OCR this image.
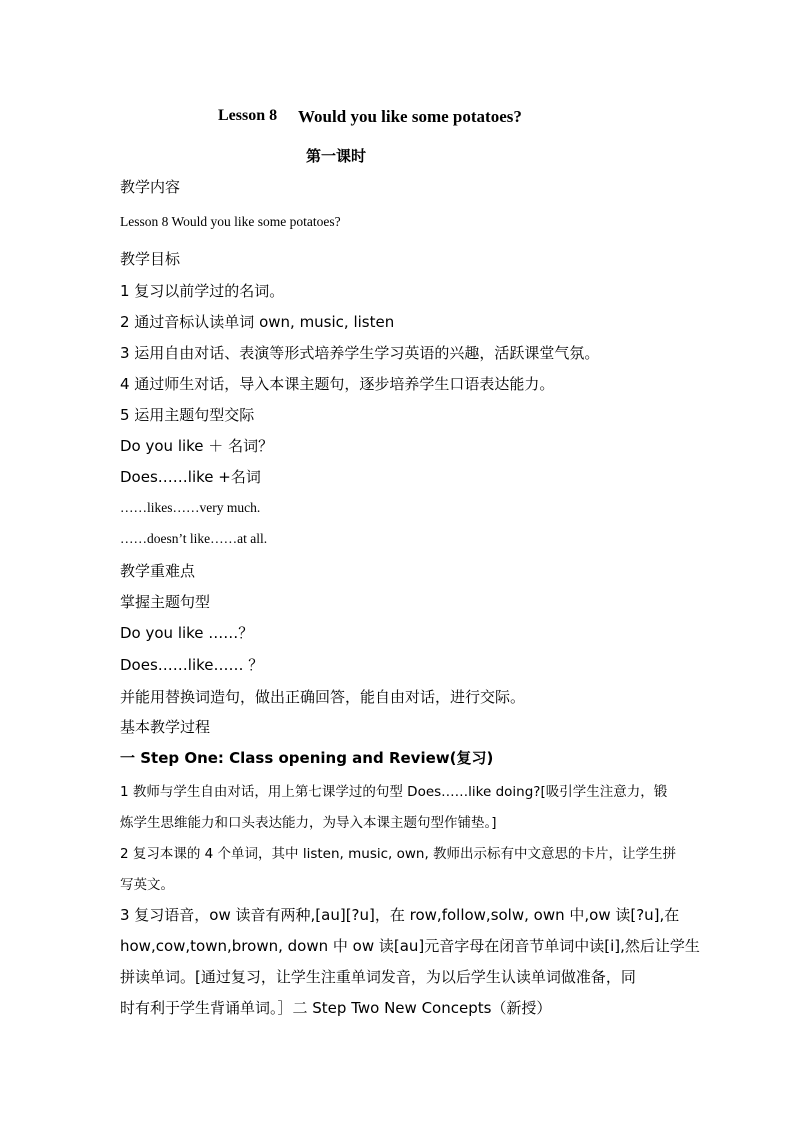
Lesson 8 Would you like some potatoes?
第一课时
教学内容
Lesson 8 Would you like some potatoes?
教学目标
1 复习以前学过的名词。
2 通过音标认读单词 own, music, listen
3 运用自由对话、表演等形式培养学生学习英语的兴趣，活跃课堂气氛。
4 通过师生对话，导入本课主题句，逐步培养学生口语表达能力。
5 运用主题句型交际
Do you like ＋ 名词？
Does……like +名词
……likes……very much.
……doesn’t like……at all.
教学重难点
掌握主题句型
Do you like ……？
Does……like…… ？
并能用替换词造句，做出正确回答，能自由对话，进行交际。
基本教学过程
一 Step One: Class opening and Review(复习)
1 教师与学生自由对话，用上第七课学过的句型 Does……like doing?[吸引学生注意力，锻
炼学生思维能力和口头表达能力，为导入本课主题句型作铺垫。]
2 复习本课的 4 个单词，其中 listen, music, own, 教师出示标有中文意思的卡片，让学生拼
写英文。
3 复习语音，ow 读音有两种,[au][?u]，在 row,follow,solw, own 中,ow 读[?u],在
how,cow,town,brown, down 中 ow 读[au]元音字母在闭音节单词中读[i],然后让学生
拼读单词。[通过复习，让学生注重单词发音，为以后学生认读单词做准备，同
时有利于学生背诵单词。］二 Step Two New Concepts（新授）
